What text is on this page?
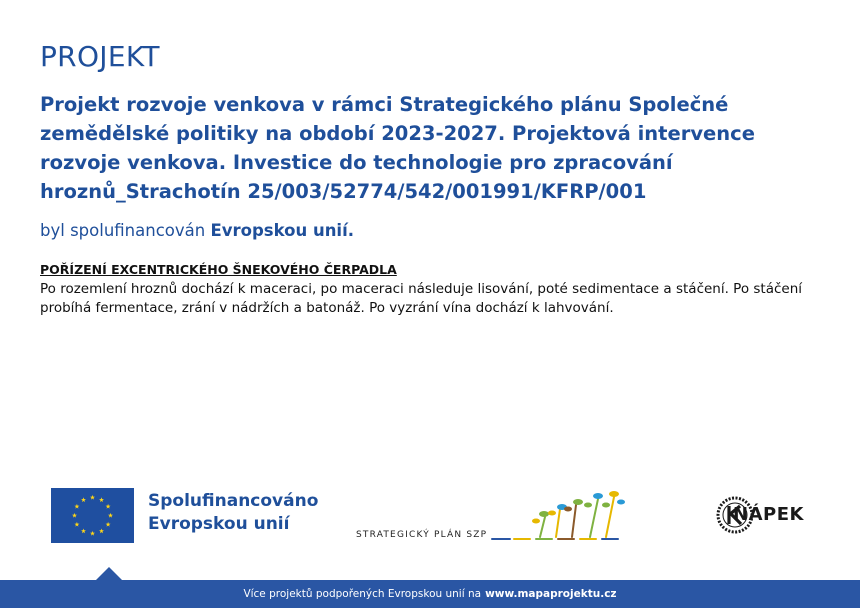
PROJEKT
Projekt rozvoje venkova v rámci Strategického plánu Společné zemědělské politiky na období 2023-2027. Projektová intervence rozvoje venkova. Investice do technologie pro zpracování hroznů_Strachotín 25/003/52774/542/001991/KFRP/001
byl spolufinancován Evropskou unií.
POŘÍZENÍ EXCENTRICKÉHO ŠNEKOVÉHO ČERPADLA
Po rozemlení hroznů dochází k maceraci, po maceraci následuje lisování, poté sedimentace a stáčení. Po stáčení probíhá fermentace, zrání v nádržích a batonáž. Po vyzrání vína dochází k lahvování.
Spolufinancováno
Evropskou unií
STRATEGICKÝ PLÁN SZP
NÁPEK
Více projektů podpořených Evropskou unií na www.mapaprojektu.cz
